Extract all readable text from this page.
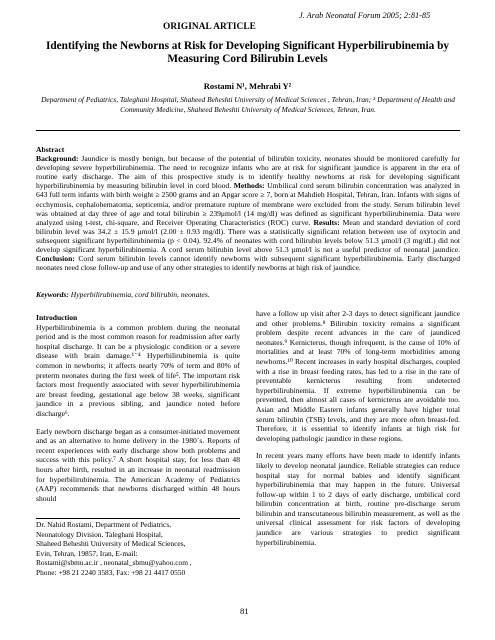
J. Arab Neonatal Forum 2005; 2:81-85
ORIGINAL ARTICLE
Identifying the Newborns at Risk for Developing Significant Hyperbilirubinemia by Measuring Cord Bilirubin Levels
Rostami N¹, Mehrabi Y²
Department of Pediatrics, Taleghani Hospital, Shaheed Beheshti University of Medical Sciences , Tehran, Iran; ² Department of Health and Community Medicine, Shaheed Beheshti University of Medical Sciences, Tehran, Iran.
Abstract
Background: Jaundice is mostly benign, but because of the potential of bilirubin toxicity, neonates should be monitored carefully for developing severe hyperbilirubinemia. The need to recognize infants who are at risk for significant jaundice is apparent in the era of routine early discharge. The aim of this prospective study is to identify healthy newborns at risk for developing significant hyperbilirubinemia by measuring bilirubin level in cord blood. Methods: Umbilical cord serum bilirubin concentration was analyzed in 643 full term infants with birth weight ≥ 2500 grams and an Apgar score ≥ 7, born at Mahdieh Hospital, Tehran, Iran. Infants with signs of ecchymosis, cephalohematoma, septicemia, and/or premature rupture of membrane were excluded from the study. Serum bilirubin level was obtained at day three of age and total bilirubin ≥ 239μmol/l (14 mg/dl) was defined as significant hyperbilirubinemia. Data were analyzed using t-test, chi-square, and Receiver Operating Characteristics (ROC) curve. Results: Mean and standard deviation of cord bilirubin level was 34.2 ± 15.9 μmol/l (2.00 ± 0.93 mg/dl). There was a statistically significant relation between use of oxytocin and subsequent significant hyperbilirubinemia (p < 0.04). 92.4% of neonates with cord bilirubin levels below 51.3 μmol/l (3 mg/dL) did not develop significant hyperbilirubinemia. A cord serum bilirubin level above 51.3 μmol/l is not a useful predictor of neonatal jaundice. Conclusion: Cord serum bilirubin levels cannot identify newborns with subsequent significant hyperbilirubinemia. Early discharged neonates need close follow-up and use of any other strategies to identify newborns at high risk of jaundice.
Keywords: Hyperbilirubinemia, cord bilirubin, neonates.
Introduction

Hyperbilirubinemia is a common problem during the neonatal period and is the most common reason for readmission after early hospital discharge. It can be a physiologic condition or a severe disease with brain damage.¹⁻⁴ Hyperbilirubinemia is quite common in newborns; it affects nearly 70% of term and 80% of preterm neonates during the first week of life⁵. The important risk factors most frequently associated with sever hyperbilirubinemia are breast feeding, gestational age below 38 weeks, significant jaundice in a previous sibling, and jaundice noted before discharge⁶.

Early newborn discharge began as a consumer-initiated movement and as an alternative to home delivery in the 1980´s. Reports of recent experiences with early discharge show both problems and success with this policy.⁷ A short hospital stay, for less than 48 hours after birth, resulted in an increase in neonatal readmission for hyperbilirubinemia. The American Academy of Pediatrics (AAP) recommends that newborns discharged within 48 hours should

have a follow up visit after 2-3 days to detect significant jaundice and other problems.⁸ Bilirubin toxicity remains a significant problem despite recent advances in the care of jaundiced neonates.⁹ Kernicterus, though infrequent, is the cause of 10% of mortalities and at least 70% of long-term morbidities among newborns.¹⁰ Recent increases in early hospital discharges, coupled with a rise in breast feeding rates, has led to a rise in the rate of preventable kernicterus resulting from undetected hyperbilirubinemia. If extreme hyperbilirubinemia can be prevented, then almost all cases of kernicterus are avoidable too. Asian and Middle Eastern infants generally have higher total serum bilirubin (TSB) levels, and they are more often breast-fed. Therefore, it is essential to identify infants at high risk for developing pathologic jaundice in these regions.

In recent years many efforts have been made to identify infants likely to develop neonatal jaundice. Reliable strategies can reduce hospital stay for normal babies and identify significant hyperbilirubinemia that may happen in the future. Universal follow-up within 1 to 2 days of early discharge, umbilical cord bilirubin concentration at birth, routine pre-discharge serum bilirubin and transcutaneous bilirubin measurement, as well as the universal clinical assessment for risk factors of developing jaundice are various strategies to predict significant hyperbilirubinemia.

Dr. Nahid Rostami, Department of Pediatrics,
Neonatology Division, Taleghani Hospital,
Shaheed Beheshti University of Medical Sciences,
Evin, Tehran, 19857, Iran, E-mail:
Rostami@sbmu.ac.ir , neonatal_sbmu@yahoo.com ,
Phone: +98 21 2240 3583, Fax: +98 21 4417 0550
81
